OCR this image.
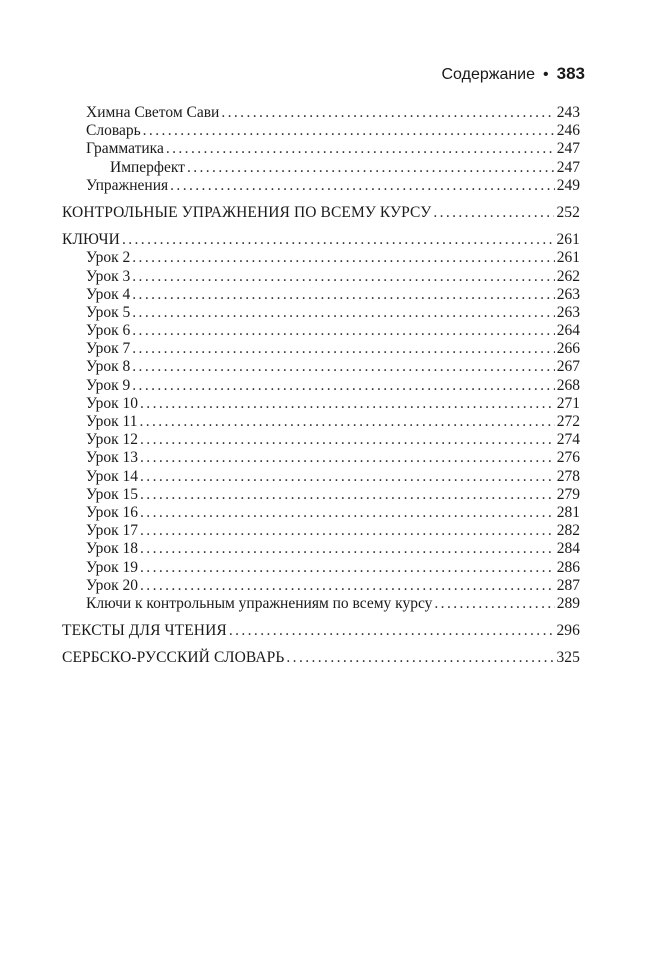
Содержание • 383
Химна Светом Сави .....	243
Словарь .....	246
Грамматика .....	247
Имперфект .....	247
Упражнения .....	249
КОНТРОЛЬНЫЕ УПРАЖНЕНИЯ ПО ВСЕМУ КУРСУ .....	252
КЛЮЧИ .....	261
Урок 2 .....	261
Урок 3 .....	262
Урок 4 .....	263
Урок 5 .....	263
Урок 6 .....	264
Урок 7 .....	266
Урок 8 .....	267
Урок 9 .....	268
Урок 10 .....	271
Урок 11 .....	272
Урок 12 .....	274
Урок 13 .....	276
Урок 14 .....	278
Урок 15 .....	279
Урок 16 .....	281
Урок 17 .....	282
Урок 18 .....	284
Урок 19 .....	286
Урок 20 .....	287
Ключи к контрольным упражнениям по всему курсу .....	289
ТЕКСТЫ ДЛЯ ЧТЕНИЯ .....	296
СЕРБСКО-РУССКИЙ СЛОВАРЬ .....	325
